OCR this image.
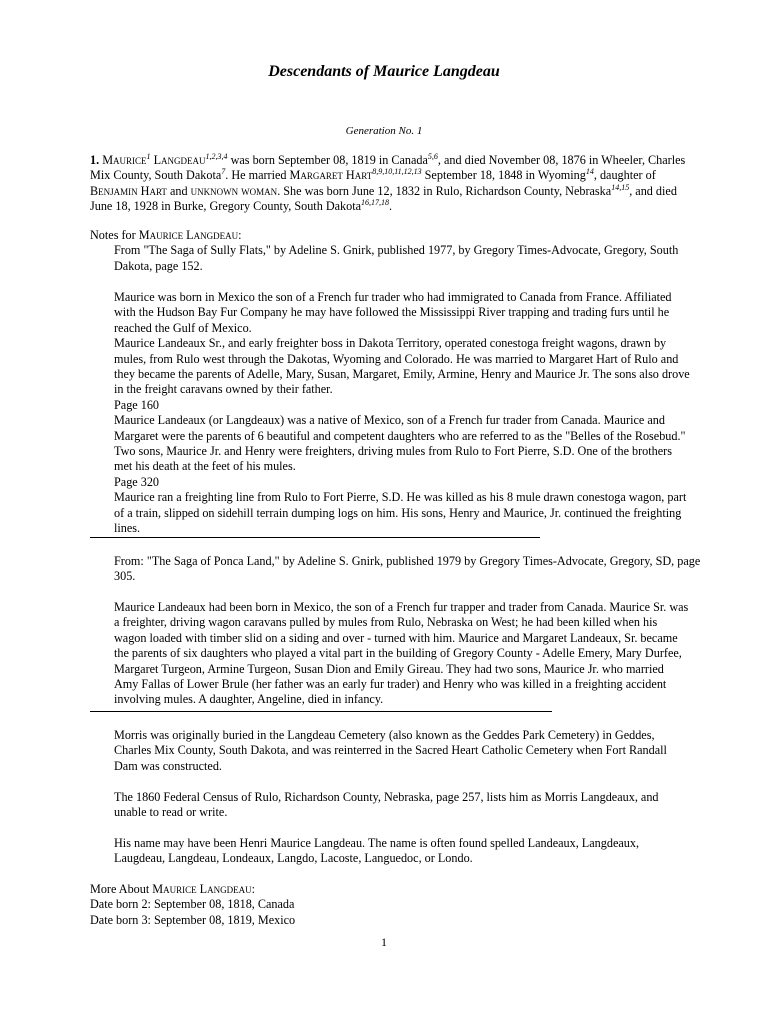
Descendants of Maurice Langdeau
Generation No. 1

1. Maurice$^1$ Langdeau$^{1,2,3,4}$ was born September 08, 1819 in Canada$^{5,6}$, and died November 08, 1876 in Wheeler, Charles Mix County, South Dakota$^7$. He married Margaret Hart$^{8,9,10,11,12,13}$ September 18, 1848 in Wyoming$^{14}$, daughter of Benjamin Hart and unknown woman. She was born June 12, 1832 in Rulo, Richardson County, Nebraska$^{14,15}$, and died June 18, 1928 in Burke, Gregory County, South Dakota$^{16,17,18}$.

Notes for Maurice Langdeau:
From "The Saga of Sully Flats," by Adeline S. Gnirk, published 1977, by Gregory Times-Advocate, Gregory, South Dakota, page 152.
Maurice was born in Mexico the son of a French fur trader who had immigrated to Canada from France. Affiliated with the Hudson Bay Fur Company he may have followed the Mississippi River trapping and trading furs until he reached the Gulf of Mexico.
Maurice Landeaux Sr., and early freighter boss in Dakota Territory, operated conestoga freight wagons, drawn by mules, from Rulo west through the Dakotas, Wyoming and Colorado. He was married to Margaret Hart of Rulo and they became the parents of Adelle, Mary, Susan, Margaret, Emily, Armine, Henry and Maurice Jr. The sons also drove in the freight caravans owned by their father.
Page 160
Maurice Landeaux (or Langdeaux) was a native of Mexico, son of a French fur trader from Canada. Maurice and Margaret were the parents of 6 beautiful and competent daughters who are referred to as the "Belles of the Rosebud." Two sons, Maurice Jr. and Henry were freighters, driving mules from Rulo to Fort Pierre, S.D. One of the brothers met his death at the feet of his mules.
Page 320
Maurice ran a freighting line from Rulo to Fort Pierre, S.D. He was killed as his 8 mule drawn conestoga wagon, part of a train, slipped on sidehill terrain dumping logs on him. His sons, Henry and Maurice, Jr. continued the freighting lines.
From: "The Saga of Ponca Land," by Adeline S. Gnirk, published 1979 by Gregory Times-Advocate, Gregory, SD, page 305.
Maurice Landeaux had been born in Mexico, the son of a French fur trapper and trader from Canada. Maurice Sr. was a freighter, driving wagon caravans pulled by mules from Rulo, Nebraska on West; he had been killed when his wagon loaded with timber slid on a siding and over - turned with him. Maurice and Margaret Landeaux, Sr. became the parents of six daughters who played a vital part in the building of Gregory County - Adelle Emery, Mary Durfee, Margaret Turgeon, Armine Turgeon, Susan Dion and Emily Gireau. They had two sons, Maurice Jr. who married Amy Fallas of Lower Brule (her father was an early fur trader) and Henry who was killed in a freighting accident involving mules. A daughter, Angeline, died in infancy.
Morris was originally buried in the Langdeau Cemetery (also known as the Geddes Park Cemetery) in Geddes, Charles Mix County, South Dakota, and was reinterred in the Sacred Heart Catholic Cemetery when Fort Randall Dam was constructed.
The 1860 Federal Census of Rulo, Richardson County, Nebraska, page 257, lists him as Morris Langdeaux, and unable to read or write.
His name may have been Henri Maurice Langdeau. The name is often found spelled Landeaux, Langdeaux, Laugdeau, Langdeau, Londeaux, Langdo, Lacoste, Languedoc, or Londo.
More About Maurice Langdeau:
Date born 2: September 08, 1818, Canada
Date born 3: September 08, 1819, Mexico
1
